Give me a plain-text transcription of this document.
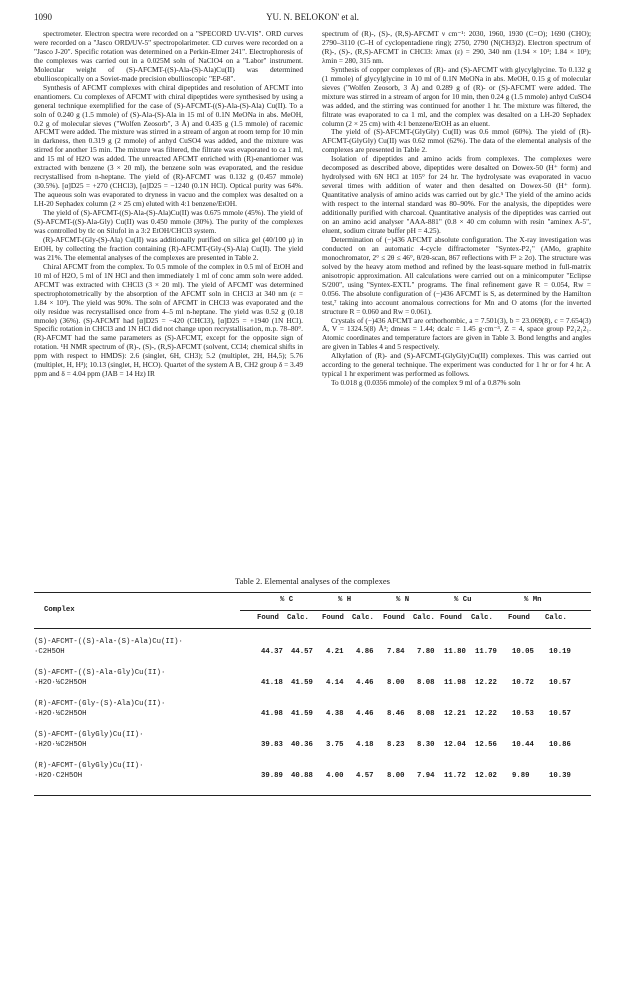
1090	YU. N. BELOKON' et al.

spectrometer. Electron spectra were recorded on a "SPECORD UV-VIS". ORD curves were recorded on a "Jasco ORD/UV-5" spectropolarimeter. CD curves were recorded on a "Jasco J-20". Specific rotation was determined on a Perkin-Elmer 241". Electrophoresis of the complexes was carried out in a 0.025M soln of NaClO4 on a "Labor" instrument. Molecular weight of (S)-AFCMT-((S)-Ala-(S)-Ala)Cu(II) was determined ebullioscopically on a Soviet-made precision ebullioscopic "EP-68".

Synthesis of AFCMT complexes with chiral dipeptides and resolution of AFCMT into enantiomers. Cu complexes of AFCMT with chiral dipeptides were synthesised by using a general technique exemplified for the case of (S)-AFCMT-((S)-Ala-(S)-Ala) Cu(II). To a soln of 0.240 g (1.5 mmole) of (S)-Ala-(S)-Ala in 15 ml of 0.1N MeONa in abs. MeOH, 0.2 g of molecular sieves ("Wolfen Zeosorb", 3 Å) and 0.435 g (1.5 mmole) of racemic AFCMT were added. The mixture was stirred in a stream of argon at room temp for 10 min in darkness, then 0.319 g (2 mmole) of anhyd CuSO4 was added, and the mixture was stirred for another 15 min. The mixture was filtered, the filtrate was evaporated to ca 1 ml, and 15 ml of H2O was added. The unreacted AFCMT enriched with (R)-enantiomer was extracted with benzene (3 × 20 ml), the benzene soln was evaporated, and the residue recrystallised from n-heptane. The yield of (R)-AFCMT was 0.132 g (0.457 mmole) (30.5%). [α]D25 = +270 (CHCl3), [α]D25 = −1240 (0.1N HCl). Optical purity was 64%. The aqueous soln was evaporated to dryness in vacuo and the complex was desalted on a LH-20 Sephadex column (2 × 25 cm) eluted with 4:1 benzene/EtOH.

The yield of (S)-AFCMT-((S)-Ala-(S)-Ala)Cu(II) was 0.675 mmole (45%). The yield of (S)-AFCMT-((S)-Ala-Gly) Cu(II) was 0.450 mmole (30%). The purity of the complexes was controlled by tlc on Silufol in a 3:2 EtOH/CHCl3 system.

(R)-AFCMT-(Gly-(S)-Ala) Cu(II) was additionally purified on silica gel (40/100 μ) in EtOH, by collecting the fraction containing (R)-AFCMT-(Gly-(S)-Ala) Cu(II). The yield was 21%. The elemental analyses of the complexes are presented in Table 2.

Chiral AFCMT from the complex. To 0.5 mmole of the complex in 0.5 ml of EtOH and 10 ml of H2O, 5 ml of 1N HCl and then immediately 1 ml of conc amm soln were added. AFCMT was extracted with CHCl3 (3 × 20 ml). The yield of AFCMT was determined spectrophotometrically by the absorption of the AFCMT soln in CHCl3 at 340 nm (ε = 1.84 × 10³). The yield was 90%. The soln of AFCMT in CHCl3 was evaporated and the oily residue was recrystallised once from 4–5 ml n-heptane. The yield was 0.52 g (0.18 mmole) (36%). (S)-AFCMT had [α]D25 = −420 (CHCl3), [α]D25 = +1940 (1N HCl). Specific rotation in CHCl3 and 1N HCl did not change upon recrystallisation, m.p. 78–80°. (R)-AFCMT had the same parameters as (S)-AFCMT, except for the opposite sign of rotation. ¹H NMR spectrum of (R)-, (S)-, (R,S)-AFCMT (solvent, CCl4; chemical shifts in ppm with respect to HMDS): 2.6 (singlet, 6H, CH3); 5.2 (multiplet, 2H, H4,5); 5.76 (multiplet, H, H³); 10.13 (singlet, H, HCO). Quartet of the system A B, CH2 group δ = 3.49 ppm and δ = 4.04 ppm (JAB = 14 Hz) IR

spectrum of (R)-, (S)-, (R,S)-AFCMT ν cm⁻¹: 2030, 1960, 1930 (C=O); 1690 (CHO); 2790–3110 (C–H of cyclopentadiene ring); 2750, 2790 (N(CH3)2). Electron spectrum of (R)-, (S)-, (R,S)-AFCMT in CHCl3: λmax (ε) = 290, 340 nm (1.94 × 10³; 1.84 × 10³); λmin = 280, 315 nm.

Synthesis of copper complexes of (R)- and (S)-AFCMT with glycylglycine. To 0.132 g (1 mmole) of glycylglycine in 10 ml of 0.1N MeONa in abs. MeOH, 0.15 g of molecular sieves ("Wolfen Zeosorb, 3 Å) and 0.289 g of (R)- or (S)-AFCMT were added. The mixture was stirred in a stream of argon for 10 min, then 0.24 g (1.5 mmole) anhyd CuSO4 was added, and the stirring was continued for another 1 hr. The mixture was filtered, the filtrate was evaporated to ca 1 ml, and the complex was desalted on a LH-20 Sephadex column (2 × 25 cm) with 4:1 benzene/EtOH as an eluent.

The yield of (S)-AFCMT-(GlyGly) Cu(II) was 0.6 mmol (60%). The yield of (R)-AFCMT-(GlyGly) Cu(II) was 0.62 mmol (62%). The data of the elemental analysis of the complexes are presented in Table 2.

Isolation of dipeptides and amino acids from complexes. The complexes were decomposed as described above, dipeptides were desalted on Dowex-50 (H⁺ form) and hydrolysed with 6N HCl at 105° for 24 hr. The hydrolysate was evaporated in vacuo several times with addition of water and then desalted on Dowex-50 (H⁺ form). Quantitative analysis of amino acids was carried out by glc.⁵ The yield of the amino acids with respect to the internal standard was 80–90%. For the analysis, the dipeptides were additionally purified with charcoal. Quantitative analysis of the dipeptides was carried out on an amino acid analyser "AAA-881" (0.8 × 40 cm column with resin "aminex A-5", eluent, sodium citrate buffer pH = 4.25).

Determination of (−)436 AFCMT absolute configuration. The X-ray investigation was conducted on an automatic 4-cycle diffractometer "Syntex-P2₁" (AMo, graphite monochromator, 2° ≤ 2θ ≤ 46°, θ/2θ-scan, 867 reflections with F² ≥ 2σ). The structure was solved by the heavy atom method and refined by the least-square method in full-matrix anisotropic approximation. All calculations were carried out on a minicomputer "Eclipse S/200", using "Syntex-EXTL" programs. The final refinement gave R = 0.054, Rw = 0.056. The absolute configuration of (−)436 AFCMT is S, as determined by the Hamilton test,⁷ taking into account anomalous corrections for Mn and O atoms (for the inverted structure R = 0.060 and Rw = 0.061).

Crystals of (−)436 AFCMT are orthorhombic, a = 7.501(3), b = 23.069(8), c = 7.654(3) Å, V = 1324.5(8) Å³; dmeas = 1.44; dcalc = 1.45 g·cm⁻³, Z = 4, space group P2₁2₁2₁. Atomic coordinates and temperature factors are given in Table 3. Bond lengths and angles are given in Tables 4 and 5 respectively.

Alkylation of (R)- and (S)-AFCMT-(GlyGly)Cu(II) complexes. This was carried out according to the general technique. The experiment was conducted for 1 hr or for 4 hr. A typical 1 hr experiment was performed as follows.

To 0.018 g (0.0356 mmole) of the complex 9 ml of a 0.87% soln

Table 2. Elemental analyses of the complexes
Complex
(S)-AFCMT-((S)-Ala-(S)-Ala)Cu(II)·
·C2H5OH	44.37 44.57 4.21 4.86 7.84 7.80 11.80 11.79 10.05 10.19
(S)-AFCMT-((S)-Ala-Gly)Cu(II)·
·H2O·½C2H5OH	41.18 41.59 4.14 4.46 8.00 8.08 11.98 12.22 10.72 10.57
(R)-AFCMT-(Gly-(S)-Ala)Cu(II)·
·H2O·½C2H5OH	41.98 41.59 4.38 4.46 8.46 8.08 12.21 12.22 10.53 10.57
(S)-AFCMT-(GlyGly)Cu(II)·
·H2O·½C2H5OH	39.83 40.36 3.75 4.18 8.23 8.30 12.04 12.56 10.44 10.86
(R)-AFCMT-(GlyGly)Cu(II)·
·H2O·C2H5OH	39.89 40.88 4.00 4.57 8.00 7.94 11.72 12.02 9.89	10.39
% C	% H	% N	% Cu	% Mn
Found Calc. Found Calc. Found Calc. Found Calc. Found Calc.
